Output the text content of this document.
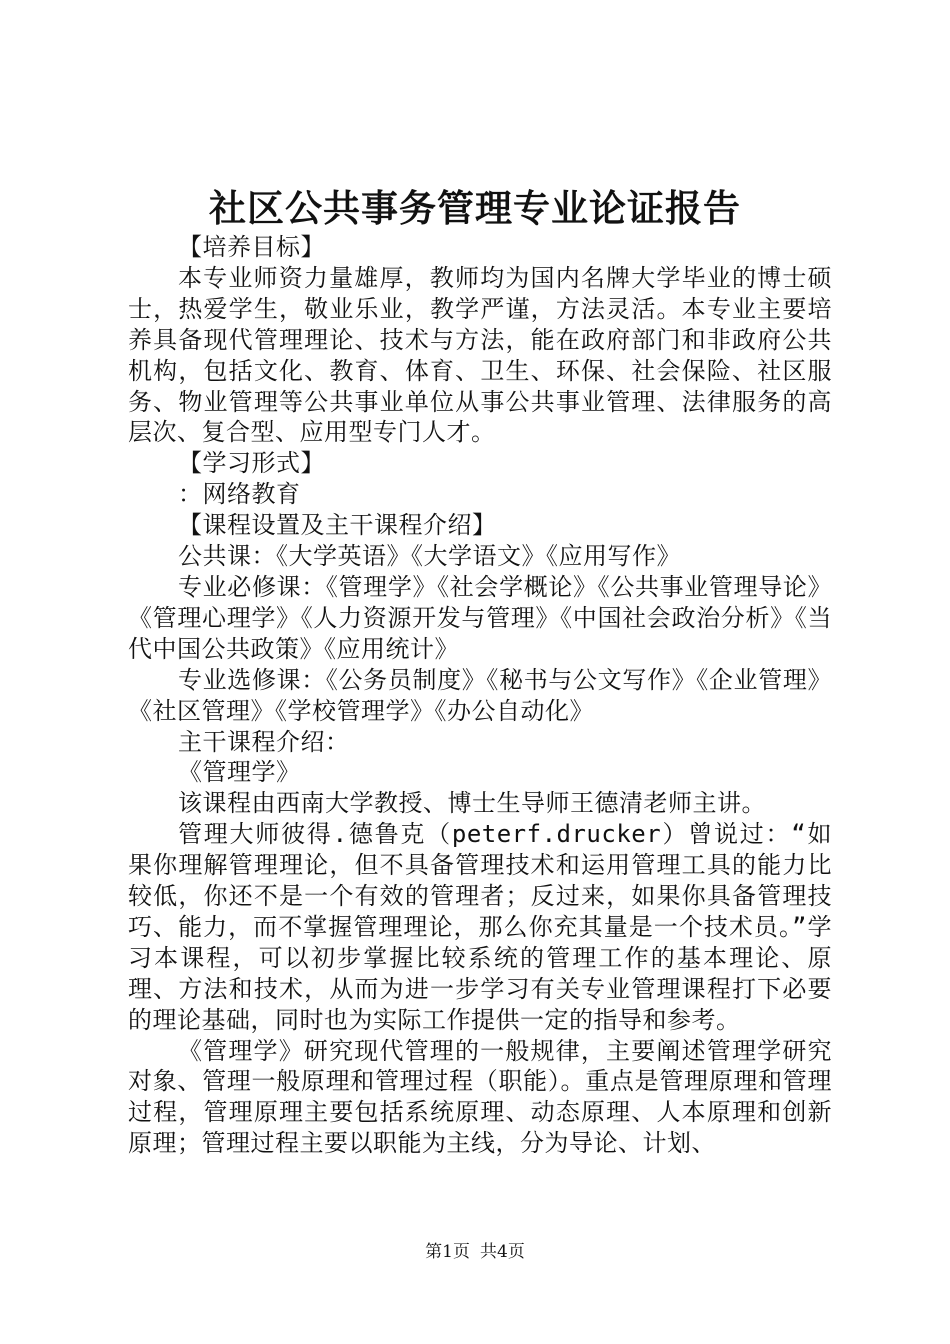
社区公共事务管理专业论证报告

【培养目标】

本专业师资力量雄厚，教师均为国内名牌大学毕业的博士硕士，热爱学生，敬业乐业，教学严谨，方法灵活。本专业主要培养具备现代管理理论、技术与方法，能在政府部门和非政府公共机构，包括文化、教育、体育、卫生、环保、社会保险、社区服务、物业管理等公共事业单位从事公共事业管理、法律服务的高层次、复合型、应用型专门人才。

【学习形式】

：网络教育

【课程设置及主干课程介绍】

公共课：《大学英语》《大学语文》《应用写作》

专业必修课：《管理学》《社会学概论》《公共事业管理导论》《管理心理学》《人力资源开发与管理》《中国社会政治分析》《当代中国公共政策》《应用统计》

专业选修课：《公务员制度》《秘书与公文写作》《企业管理》《社区管理》《学校管理学》《办公自动化》

主干课程介绍：

《管理学》

该课程由西南大学教授、博士生导师王德清老师主讲。

管理大师彼得.德鲁克（peterf.drucker）曾说过：“如果你理解管理理论，但不具备管理技术和运用管理工具的能力比较低，你还不是一个有效的管理者；反过来，如果你具备管理技巧、能力，而不掌握管理理论，那么你充其量是一个技术员。”学习本课程，可以初步掌握比较系统的管理工作的基本理论、原理、方法和技术，从而为进一步学习有关专业管理课程打下必要的理论基础，同时也为实际工作提供一定的指导和参考。

《管理学》研究现代管理的一般规律，主要阐述管理学研究对象、管理一般原理和管理过程（职能）。重点是管理原理和管理过程，管理原理主要包括系统原理、动态原理、人本原理和创新原理；管理过程主要以职能为主线，分为导论、计划、

第1页 共4页
